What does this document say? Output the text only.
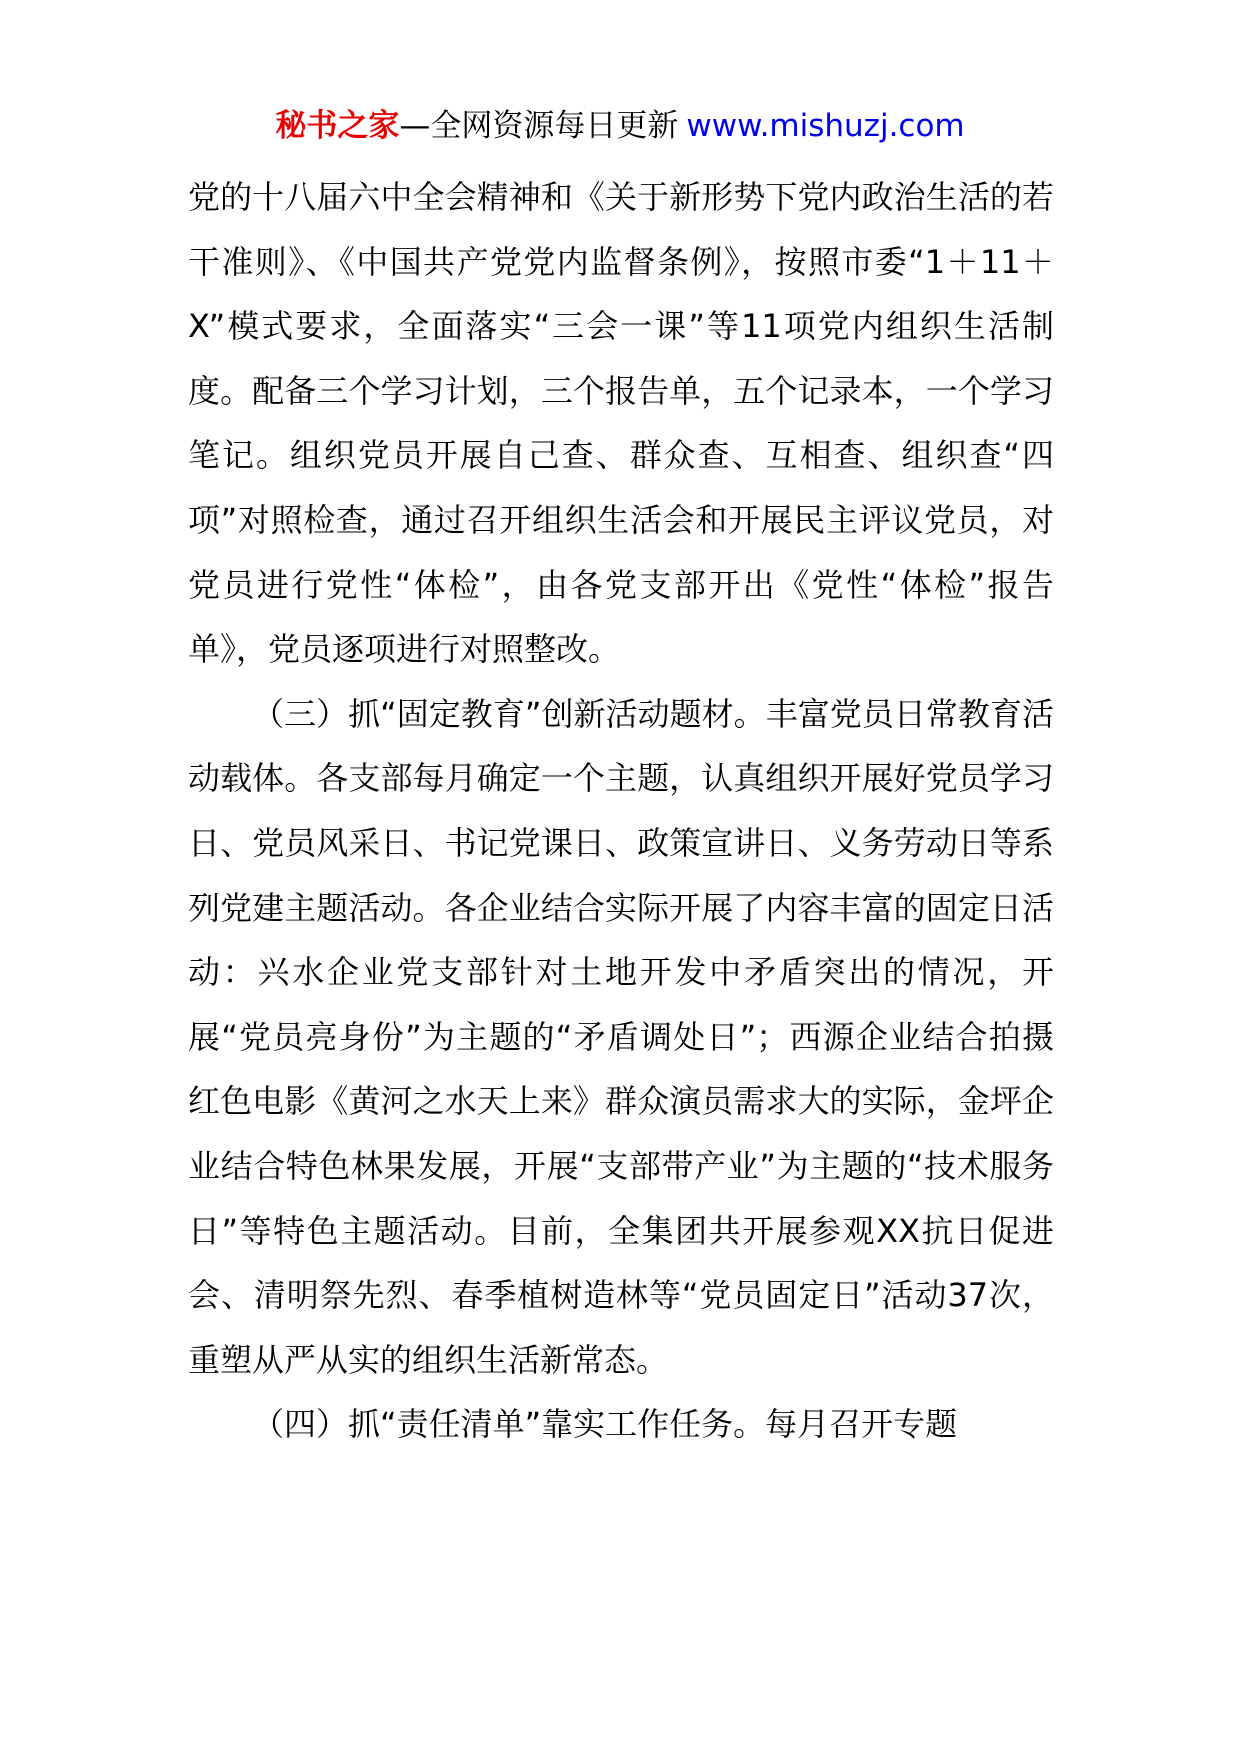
秘书之家—全网资源每日更新 www.mishuzj.com

党的十八届六中全会精神和《关于新形势下党内政治生活的若干准则》、《中国共产党党内监督条例》，按照市委“1＋11＋X”模式要求，全面落实“三会一课”等11项党内组织生活制度。配备三个学习计划，三个报告单，五个记录本，一个学习笔记。组织党员开展自己查、群众查、互相查、组织查“四项”对照检查，通过召开组织生活会和开展民主评议党员，对党员进行党性“体检”，由各党支部开出《党性“体检”报告单》，党员逐项进行对照整改。

（三）抓“固定教育”创新活动题材。丰富党员日常教育活动载体。各支部每月确定一个主题，认真组织开展好党员学习日、党员风采日、书记党课日、政策宣讲日、义务劳动日等系列党建主题活动。各企业结合实际开展了内容丰富的固定日活动：兴水企业党支部针对土地开发中矛盾突出的情况，开展“党员亮身份”为主题的“矛盾调处日”；西源企业结合拍摄红色电影《黄河之水天上来》群众演员需求大的实际，金坪企业结合特色林果发展，开展“支部带产业”为主题的“技术服务日”等特色主题活动。目前，全集团共开展参观XX抗日促进会、清明祭先烈、春季植树造林等“党员固定日”活动37次，重塑从严从实的组织生活新常态。

（四）抓“责任清单”靠实工作任务。每月召开专题
